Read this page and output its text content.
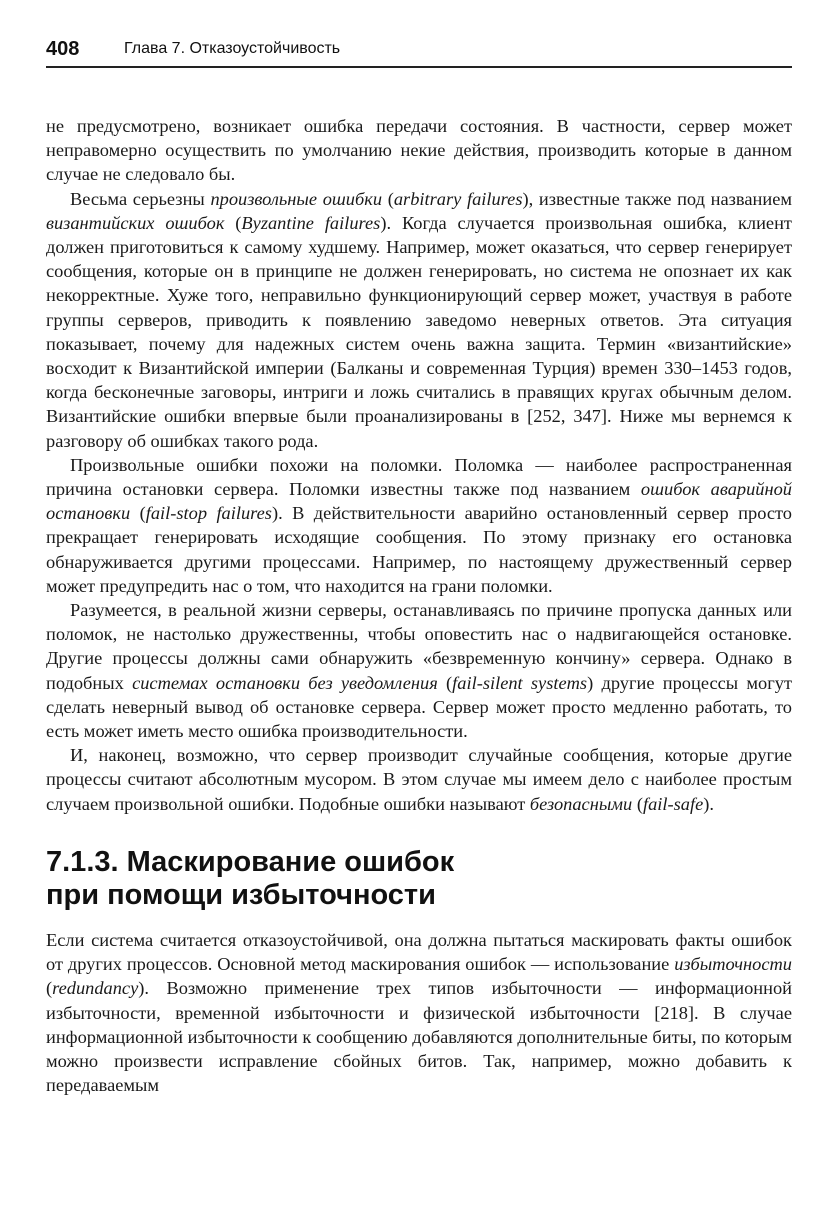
408	Глава 7. Отказоустойчивость

не предусмотрено, возникает ошибка передачи состояния. В частности, сервер может неправомерно осуществить по умолчанию некие действия, производить которые в данном случае не следовало бы.

Весьма серьезны произвольные ошибки (arbitrary failures), известные также под названием византийских ошибок (Byzantine failures). Когда случается произвольная ошибка, клиент должен приготовиться к самому худшему. Например, может оказаться, что сервер генерирует сообщения, которые он в принципе не должен генерировать, но система не опознает их как некорректные. Хуже того, неправильно функционирующий сервер может, участвуя в работе группы серверов, приводить к появлению заведомо неверных ответов. Эта ситуация показывает, почему для надежных систем очень важна защита. Термин «византийские» восходит к Византийской империи (Балканы и современная Турция) времен 330–1453 годов, когда бесконечные заговоры, интриги и ложь считались в правящих кругах обычным делом. Византийские ошибки впервые были проанализированы в [252, 347]. Ниже мы вернемся к разговору об ошибках такого рода.

Произвольные ошибки похожи на поломки. Поломка — наиболее распространенная причина остановки сервера. Поломки известны также под названием ошибок аварийной остановки (fail-stop failures). В действительности аварийно остановленный сервер просто прекращает генерировать исходящие сообщения. По этому признаку его остановка обнаруживается другими процессами. Например, по настоящему дружественный сервер может предупредить нас о том, что находится на грани поломки.

Разумеется, в реальной жизни серверы, останавливаясь по причине пропуска данных или поломок, не настолько дружественны, чтобы оповестить нас о надвигающейся остановке. Другие процессы должны сами обнаружить «безвременную кончину» сервера. Однако в подобных системах остановки без уведомления (fail-silent systems) другие процессы могут сделать неверный вывод об остановке сервера. Сервер может просто медленно работать, то есть может иметь место ошибка производительности.

И, наконец, возможно, что сервер производит случайные сообщения, которые другие процессы считают абсолютным мусором. В этом случае мы имеем дело с наиболее простым случаем произвольной ошибки. Подобные ошибки называют безопасными (fail-safe).

7.1.3. Маскирование ошибок
при помощи избыточности

Если система считается отказоустойчивой, она должна пытаться маскировать факты ошибок от других процессов. Основной метод маскирования ошибок — использование избыточности (redundancy). Возможно применение трех типов избыточности — информационной избыточности, временной избыточности и физической избыточности [218]. В случае информационной избыточности к сообщению добавляются дополнительные биты, по которым можно произвести исправление сбойных битов. Так, например, можно добавить к передаваемым
